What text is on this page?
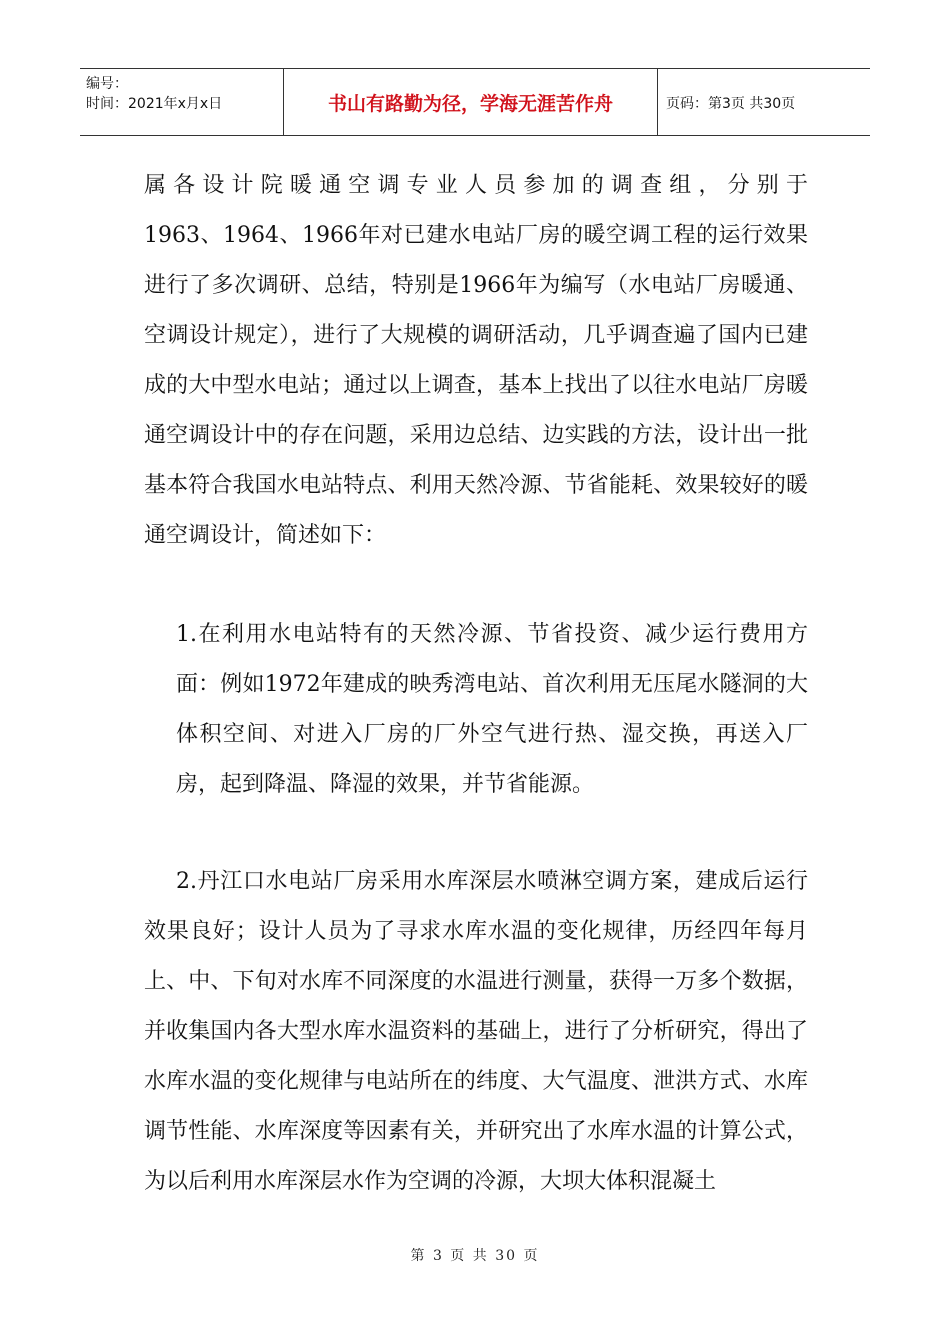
编号：
时间：2021年x月x日	书山有路勤为径，学海无涯苦作舟	页码：第3页 共30页
属各设计院暖通空调专业人员参加的调查组，分别于
1963、1964、1966年对已建水电站厂房的暖空调工程的运行效果进行了多次调研、总结，特别是1966年为编写（水电站厂房暖通、空调设计规定），进行了大规模的调研活动，几乎调查遍了国内已建成的大中型水电站；通过以上调查，基本上找出了以往水电站厂房暖通空调设计中的存在问题，采用边总结、边实践的方法，设计出一批基本符合我国水电站特点、利用天然冷源、节省能耗、效果较好的暖通空调设计，简述如下：

1.在利用水电站特有的天然冷源、节省投资、减少运行费用方面：例如1972年建成的映秀湾电站、首次利用无压尾水隧洞的大体积空间、对进入厂房的厂外空气进行热、湿交换，再送入厂房，起到降温、降湿的效果，并节省能源。

2.丹江口水电站厂房采用水库深层水喷淋空调方案，建成后运行效果良好；设计人员为了寻求水库水温的变化规律，历经四年每月上、中、下旬对水库不同深度的水温进行测量，获得一万多个数据，并收集国内各大型水库水温资料的基础上，进行了分析研究，得出了水库水温的变化规律与电站所在的纬度、大气温度、泄洪方式、水库调节性能、水库深度等因素有关，并研究出了水库水温的计算公式，为以后利用水库深层水作为空调的冷源，大坝大体积混凝土

第 3 页 共 30 页
